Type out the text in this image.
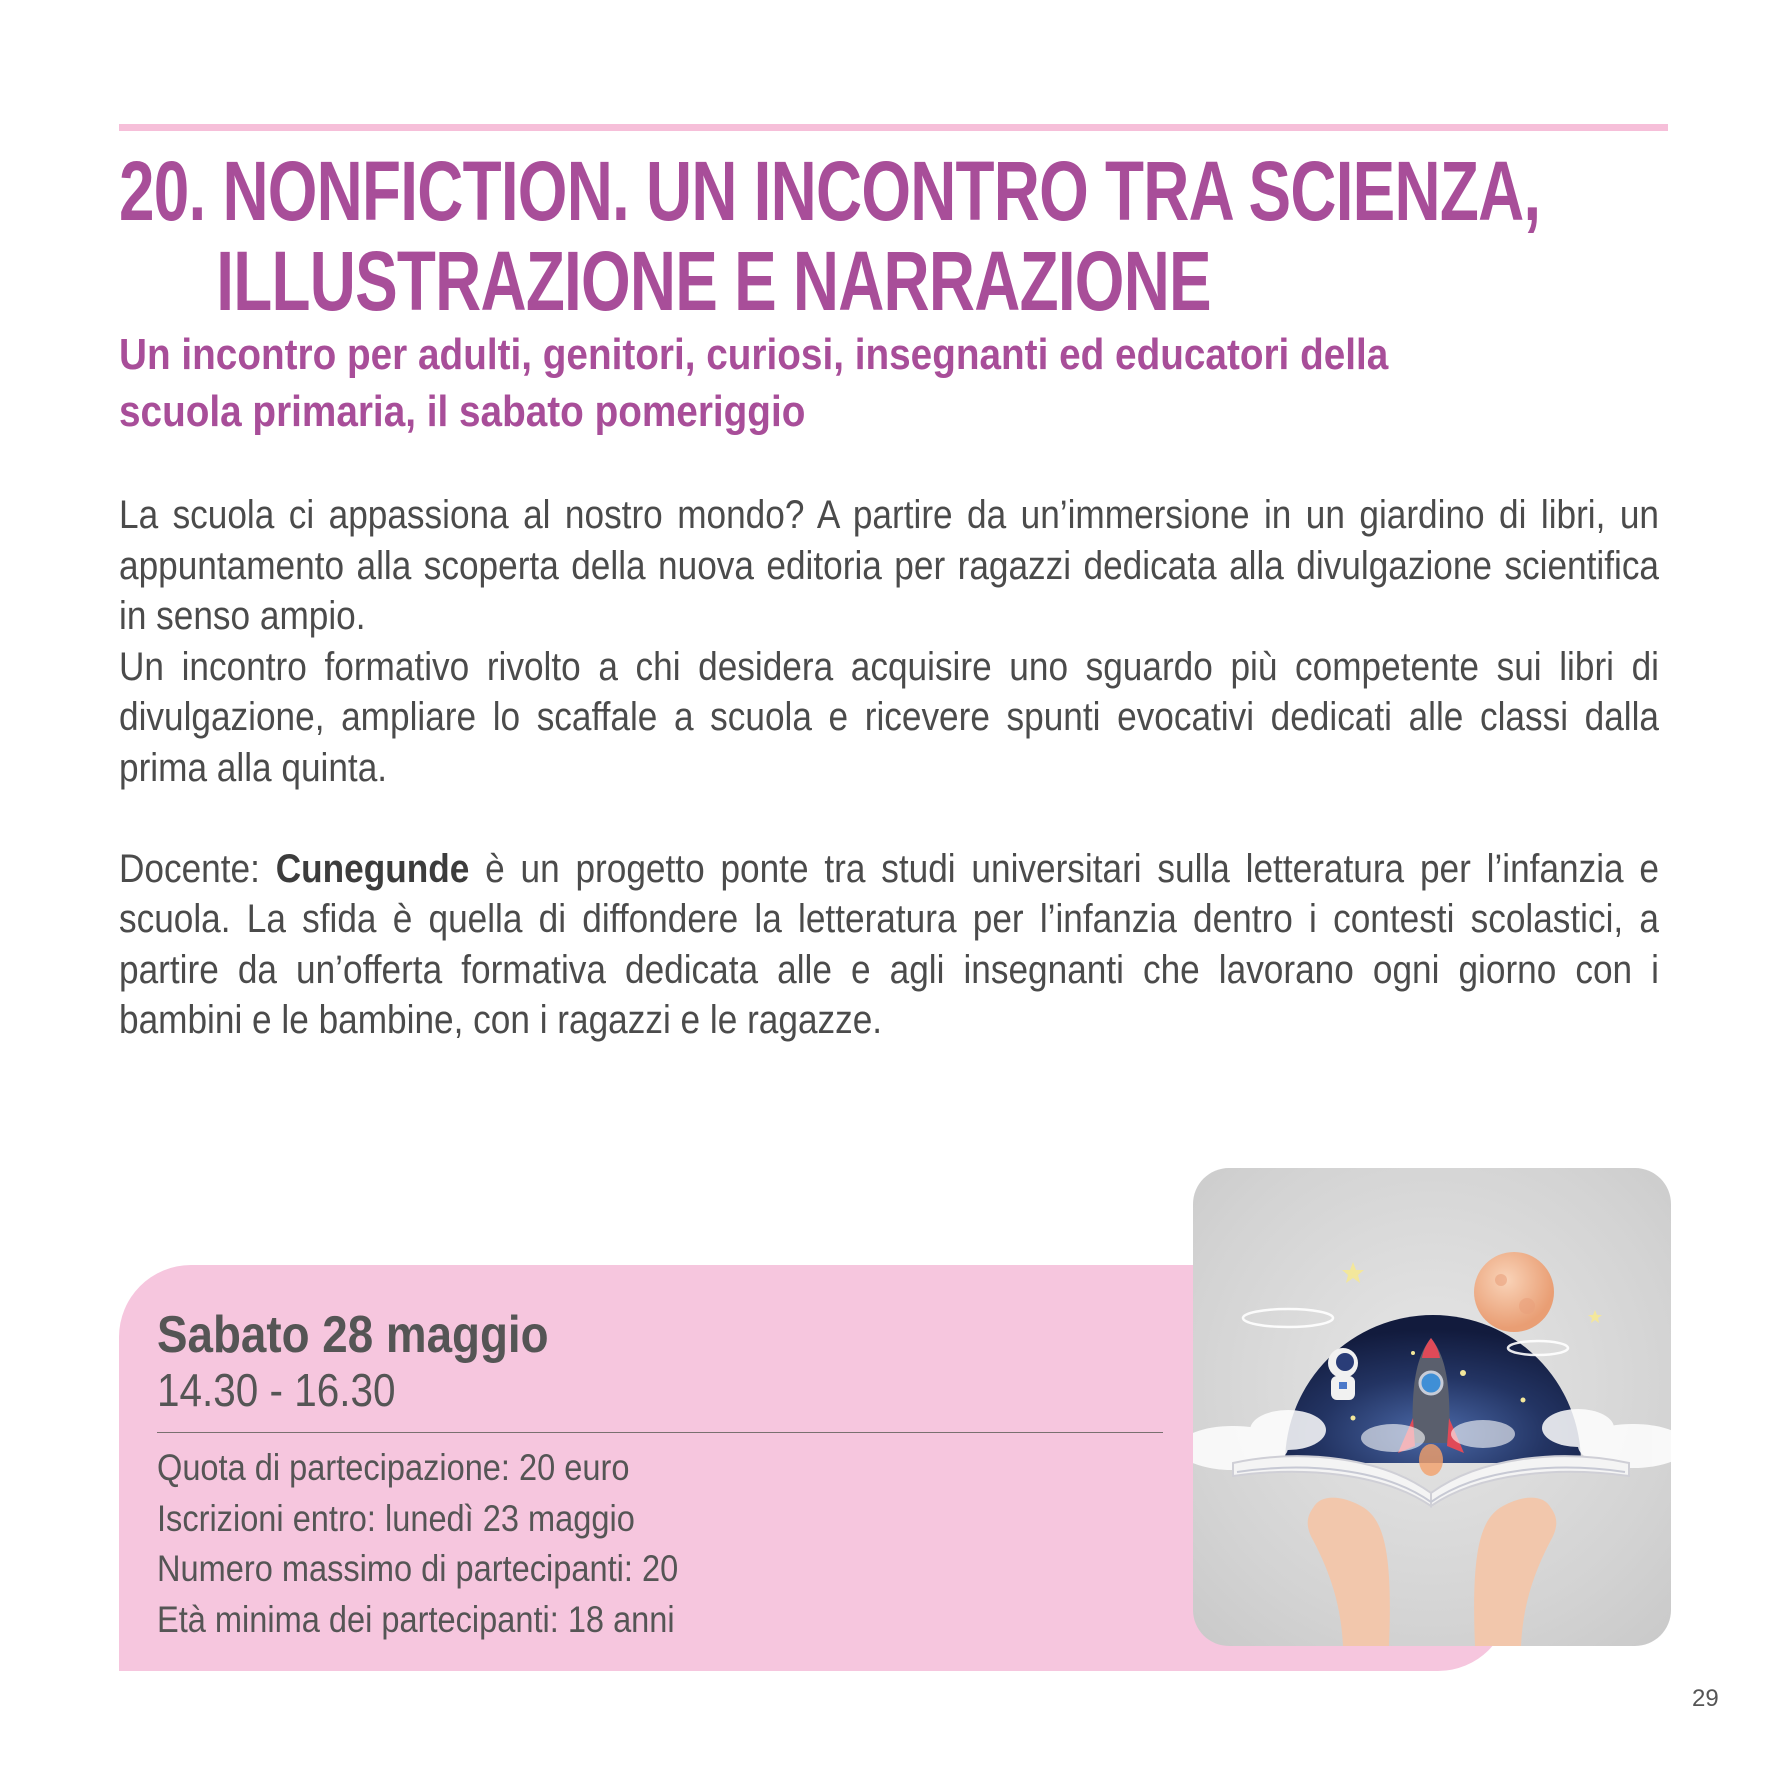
20. NONFICTION. UN INCONTRO TRA SCIENZA,
ILLUSTRAZIONE E NARRAZIONE
Un incontro per adulti, genitori, curiosi, insegnanti ed educatori della scuola primaria, il sabato pomeriggio

La scuola ci appassiona al nostro mondo? A partire da un’immersione in un giardino di libri, un appuntamento alla scoperta della nuova editoria per ragazzi dedicata alla divulgazione scientifica in senso ampio.

Un incontro formativo rivolto a chi desidera acquisire uno sguardo più competente sui libri di divulgazione, ampliare lo scaffale a scuola e ricevere spunti evocativi dedicati alle classi dalla prima alla quinta.

Docente: Cunegunde è un progetto ponte tra studi universitari sulla letteratura per l’infanzia e scuola. La sfida è quella di diffondere la letteratura per l’infanzia dentro i contesti scolastici, a partire da un’offerta formativa dedicata alle e agli insegnanti che lavorano ogni giorno con i bambini e le bambine, con i ragazzi e le ragazze.

Sabato 28 maggio
14.30 - 16.30
Quota di partecipazione: 20 euro
Iscrizioni entro: lunedì 23 maggio
Numero massimo di partecipanti: 20
Età minima dei partecipanti: 18 anni
29
